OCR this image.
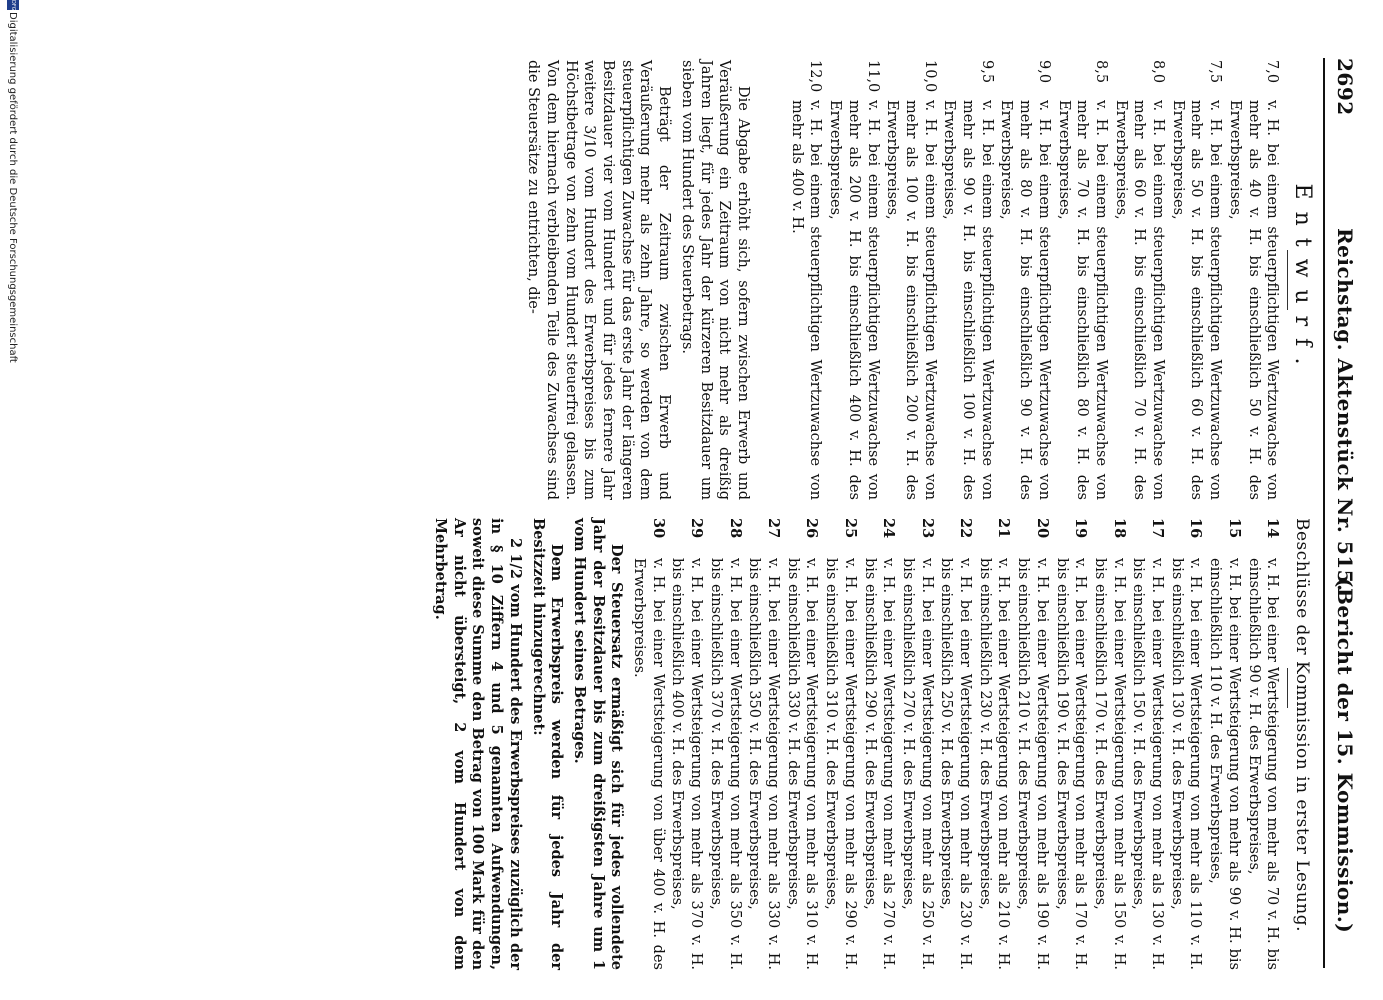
2692
Reichstag. Aktenstück Nr. 515.
(Bericht der 15. Kommission.)
Entwurf.
7,0v. H. bei einem steuerpflichtigen Wertzuwachse von mehr als 40 v. H. bis einschließlich 50 v. H. des Erwerbspreises,
7,5v. H. bei einem steuerpflichtigen Wertzuwachse von mehr als 50 v. H. bis einschließlich 60 v. H. des Erwerbspreises,
8,0v. H. bei einem steuerpflichtigen Wertzuwachse von mehr als 60 v. H. bis einschließlich 70 v. H. des Erwerbspreises,
8,5v. H. bei einem steuerpflichtigen Wertzuwachse von mehr als 70 v. H. bis einschließlich 80 v. H. des Erwerbspreises,
9,0v. H. bei einem steuerpflichtigen Wertzuwachse von mehr als 80 v. H. bis einschließlich 90 v. H. des Erwerbspreises,
9,5v. H. bei einem steuerpflichtigen Wertzuwachse von mehr als 90 v. H. bis einschließlich 100 v. H. des Erwerbspreises,
10,0v. H. bei einem steuerpflichtigen Wertzuwachse von mehr als 100 v. H. bis einschließlich 200 v. H. des Erwerbspreises,
11,0v. H. bei einem steuerpflichtigen Wertzuwachse von mehr als 200 v. H. bis einschließlich 400 v. H. des Erwerbspreises,
12,0v. H. bei einem steuerpflichtigen Wertzuwachse von mehr als 400 v. H.

Die Abgabe erhöht sich, sofern zwischen Erwerb und Veräußerung ein Zeitraum von nicht mehr als dreißig Jahren liegt, für jedes Jahr der kürzeren Besitzdauer um sieben vom Hundert des Steuerbetrags.

Beträgt der Zeitraum zwischen Erwerb und Veräußerung mehr als zehn Jahre, so werden von dem steuerpflichtigen Zuwachse für das erste Jahr der längeren Besitzdauer vier vom Hundert und für jedes fernere Jahr weitere 3/10 vom Hundert des Erwerbspreises bis zum Höchstbetrage von zehn vom Hundert steuerfrei gelassen. Von dem hiernach verbleibenden Teile des Zuwachses sind die Steuersätze zu entrichten, die-

Beschlüsse der Kommission in erster Lesung.
14v. H. bei einer Wertsteigerung von mehr als 70 v. H. bis einschließlich 90 v. H. des Erwerbspreises,
15v. H. bei einer Wertsteigerung von mehr als 90 v. H. bis einschließlich 110 v. H. des Erwerbspreises,
16v. H. bei einer Wertsteigerung von mehr als 110 v. H. bis einschließlich 130 v. H. des Erwerbspreises,
17v. H. bei einer Wertsteigerung von mehr als 130 v. H. bis einschließlich 150 v. H. des Erwerbspreises,
18v. H. bei einer Wertsteigerung von mehr als 150 v. H. bis einschließlich 170 v. H. des Erwerbspreises,
19v. H. bei einer Wertsteigerung von mehr als 170 v. H. bis einschließlich 190 v. H. des Erwerbspreises,
20v. H. bei einer Wertsteigerung von mehr als 190 v. H. bis einschließlich 210 v. H. des Erwerbspreises,
21v. H. bei einer Wertsteigerung von mehr als 210 v. H. bis einschließlich 230 v. H. des Erwerbspreises,
22v. H. bei einer Wertsteigerung von mehr als 230 v. H. bis einschließlich 250 v. H. des Erwerbspreises,
23v. H. bei einer Wertsteigerung von mehr als 250 v. H. bis einschließlich 270 v. H. des Erwerbspreises,
24v. H. bei einer Wertsteigerung von mehr als 270 v. H. bis einschließlich 290 v. H. des Erwerbspreises,
25v. H. bei einer Wertsteigerung von mehr als 290 v. H. bis einschließlich 310 v. H. des Erwerbspreises,
26v. H. bei einer Wertsteigerung von mehr als 310 v. H. bis einschließlich 330 v. H. des Erwerbspreises,
27v. H. bei einer Wertsteigerung von mehr als 330 v. H. bis einschließlich 350 v. H. des Erwerbspreises,
28v. H. bei einer Wertsteigerung von mehr als 350 v. H. bis einschließlich 370 v. H. des Erwerbspreises,
29v. H. bei einer Wertsteigerung von mehr als 370 v. H. bis einschließlich 400 v. H. des Erwerbspreises,
30v. H. bei einer Wertsteigerung von über 400 v. H. des Erwerbspreises.

Der Steuersatz ermäßigt sich für jedes vollendete Jahr der Besitzdauer bis zum dreißigsten Jahre um 1 vom Hundert seines Betrages.

Dem Erwerbspreis werden für jedes Jahr der Besitzzeit hinzugerechnet:

2 1/2 vom Hundert des Erwerbspreises zuzüglich der in § 10 Ziffern 4 und 5 genannten Aufwendungen, soweit diese Summe den Betrag von 100 Mark für den Ar nicht übersteigt, 2 vom Hundert von dem Mehrbetrag.

DFG
Digitalisierung gefördert durch die Deutsche Forschungsgemeinschaft
